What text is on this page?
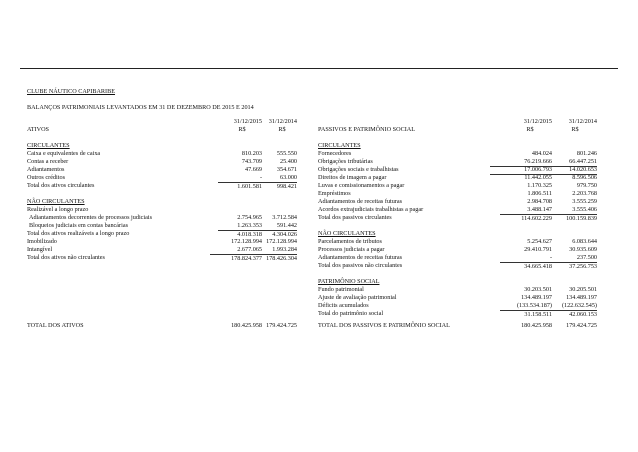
CLUBE NÁUTICO CAPIBARIBE
BALANÇOS PATRIMONIAIS LEVANTADOS EM 31 DE DEZEMBRO DE 2015 E 2014
31/12/2015	31/12/2014
ATIVOS	R$	R$
CIRCULANTES
Caixa e equivalentes de caixa	810.203	555.550
Contas a receber	743.709	25.400
Adiantamentos	47.669	354.671
Outros créditos	-	63.000
Total dos ativos circulantes	1.601.581	998.421
NÃO CIRCULANTES
Realizável a longo prazo
Adiantamentos decorrentes de processos judiciais	2.754.965	3.712.584
Bloqueios judiciais em contas bancárias	1.263.353	591.442
Total dos ativos realizáveis a longo prazo	4.018.318	4.304.026
Imobilizado	172.128.994 172.128.994
Intangível	2.677.065	1.993.284
Total dos ativos não circulantes	178.824.377 178.426.304
TOTAL DOS ATIVOS	180.425.958 179.424.725
31/12/2015	31/12/2014
PASSIVOS E PATRIMÔNIO SOCIAL	R$	R$
CIRCULANTES
Fornecedores	484.024	801.246
Obrigações tributárias	76.219.666	66.447.251
Obrigações sociais e trabalhistas	17.006.793	14.020.653
Direitos de imagem a pagar	11.442.055	8.596.506
Luvas e comissionamentos a pagar	1.170.325	979.750
Empréstimos	1.806.511	2.203.768
Adiantamentos de receitas futuras	2.984.708	3.555.259
Acordos extrajudiciais trabalhistas a pagar	3.488.147	3.555.406
Total dos passivos circulantes	114.602.229	100.159.839
NÃO CIRCULANTES
Parcelamentos de tributos	5.254.627	6.083.644
Processos judiciais a pagar	29.410.791	30.935.609
Adiantamentos de receitas futuras	-	237.500
Total dos passivos não circulantes	34.665.418	37.256.753
PATRIMÔNIO SOCIAL
Fundo patrimonial	30.203.501	30.205.501
Ajuste de avaliação patrimonial	134.489.197	134.489.197
Déficits acumulados	(133.534.187)	(122.632.545)
Total do patrimônio social	31.158.511	42.060.153
TOTAL DOS PASSIVOS E PATRIMÔNIO SOCIAL	180.425.958	179.424.725
